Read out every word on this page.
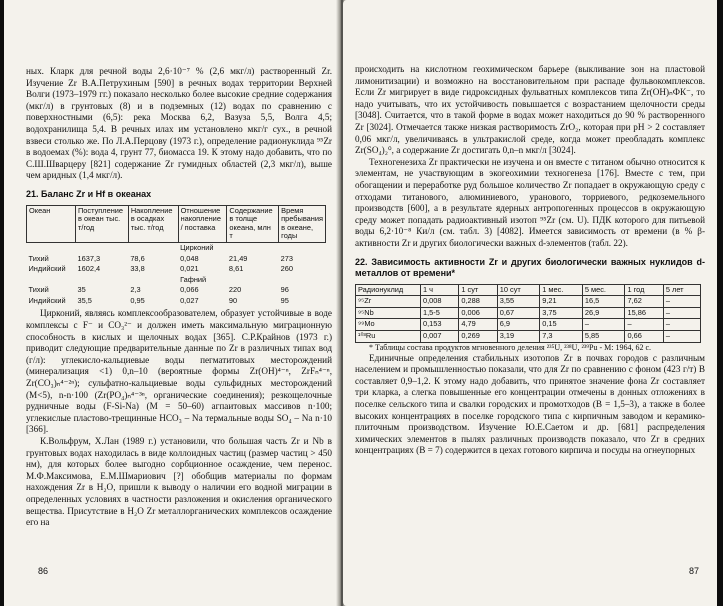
ных. Кларк для речной воды 2,6·10⁻⁷ % (2,6 мкг/л) растворенный Zr. Изучение Zr В.А.Петрухиным [590] в речных водах территории Верхней Волги (1973–1979 гг.) показало несколько более высокие средние содержания (мкг/л) в грунтовых (8) и в подземных (12) водах по сравнению с поверхностными (6,5): река Москва 6,2, Вазуза 5,5, Волга 4,5; водохранилища 5,4. В речных илах им установлено мкг/г сух., в речной взвеси столько же. По Л.А.Перцову (1973 г.), определение радионуклида ⁹⁵Zr в водоемах (%): вода 4, грунт 77, биомасса 19. К этому надо добавить, что по С.Ш.Шварцеру [821] содержание Zr гумидных областей (2,3 мкг/л), выше чем аридных (1,4 мкг/л).

21. Баланс Zr и Hf в океанах
Океан	Поступление в океан тыс. т/год	Накопление в осадках тыс. т/год	Отношение накопление / поставка	Содержание в толще океана, млн т	Время пребывания в океане, годы
			Цирконий		
Тихий	1637,3	78,6	0,048	21,49	273
Индийский	1602,4	33,8	0,021	8,61	260
			Гафний		
Тихий	35	2,3	0,066	220	96
Индийский	35,5	0,95	0,027	90	95

Цирконий, являясь комплексообразователем, образует устойчивые в воде комплексы с F⁻ и CO₃²⁻ и должен иметь максимальную миграционную способность в кислых и щелочных водах [365]. С.Р.Крайнов (1973 г.) приводит следующие предварительные данные по Zr в различных типах вод (г/л): углекисло-кальциевые воды пегматитовых месторождений (минерализация <1) 0,n–10 (вероятные формы Zr(OH)⁴⁻ⁿ, ZrFₙ⁴⁻ⁿ, Zr(CO₃)ₙ⁴⁻²ⁿ); сульфатно-кальциевые воды сульфидных месторождений (М<5), n-n·100 (Zr(PO₄)ₙ⁴⁻³ⁿ, органические соединения); резкощелочные рудничные воды (F-Si-Na) (М = 50–60) агпаитовых массивов n·100; углекислые пластово-трещинные HCO₃ – Na термальные воды SO₄ – Na n·10 [366].

К.Вольфрум, Х.Лан (1989 г.) установили, что большая часть Zr и Nb в грунтовых водах находилась в виде коллоидных частиц (размер частиц > 450 нм), для которых более выгодно сорбционное осаждение, чем перенос. М.Ф.Максимова, Е.М.Шмариович [?] обобщив материалы по формам нахождения Zr в H₂O, пришли к выводу о наличии его водной миграции в определенных условиях в частности разложения и окисления органического вещества. Присутствие в H₂O Zr металлорганических комплексов осаждение его на

86

происходить на кислотном геохимическом барьере (выкливание зон на пластовой лимонитизации) и возможно на восстановительном при распаде фульвокомплексов. Если Zr мигрирует в виде гидроксидных фульватных комплексов типа Zr(OH)ₙФК⁻, то надо учитывать, что их устойчивость повышается с возрастанием щелочности среды [3048]. Считается, что в такой форме в водах может находиться до 90 % растворенного Zr [3024]. Отмечается также низкая растворимость ZrO₂, которая при pH > 2 составляет 0,06 мкг/л, увеличиваясь в ультракислой среде, когда может преобладать комплекс Zr(SO₄)₂⁰, а содержание Zr достигать 0,n–n мкг/л [3024].

Техногенезиха Zr практически не изучена и он вместе с титаном обычно относится к элементам, не участвующим в экогеохимии техногенеза [176]. Вместе с тем, при обогащении и переработке руд большое количество Zr попадает в окружающую среду с отходами титанового, алюминиевого, уранового, торриевого, редкоземельного производств [600], а в результате ядерных антропогенных процессов в окружающую среду может попадать радиоактивный изотоп ⁹⁵Zr (см. U). ПДК которого для питьевой воды 6,2·10⁻⁸ Ки/л (см. табл. 3) [4082]. Имеется зависимость от времени (в % β-активности Zr и других биологически важных d-элементов (табл. 22).

22. Зависимость активности Zr и других биологически важных нуклидов d-металлов от времени*
Радионуклид	1 ч	1 сут	10 сут	1 мес.	5 мес.	1 год	5 лет
⁹⁵Zr	0,008	0,288	3,55	9,21	16,5	7,62	–
⁹⁵Nb	1,5-5	0,006	0,67	3,75	26,9	15,86	–
⁹⁹Mo	0,153	4,79	6,9	0,15	–	–	–
¹⁰³Ru	0,007	0,269	3,19	7,3	5,85	0,66	–

* Таблицы состава продуктов мгновенного деления ²³⁵U, ²³⁸U, ²³⁹Pu - М: 1964, 62 с.

Единичные определения стабильных изотопов Zr в почвах городов с различным населением и промышленностью показали, что для Zr по сравнению с фоном (423 г/т) В составляет 0,9–1,2. К этому надо добавить, что принятое значение фона Zr составляет три кларка, а слегка повышенные его концентрации отмечены в донных отложениях в поселке сельского типа и свалки городских и промотходов (В = 1,5–3), а также в более высоких концентрациях в поселке городского типа с кирпичным заводом и керамико-плиточным производством. Изучение Ю.Е.Саетом и др. [681] распределения химических элементов в пылях различных производств показало, что Zr в средних концентрациях (В = 7) содержится в цехах готового кирпича и посуды на огнеупорных

87
